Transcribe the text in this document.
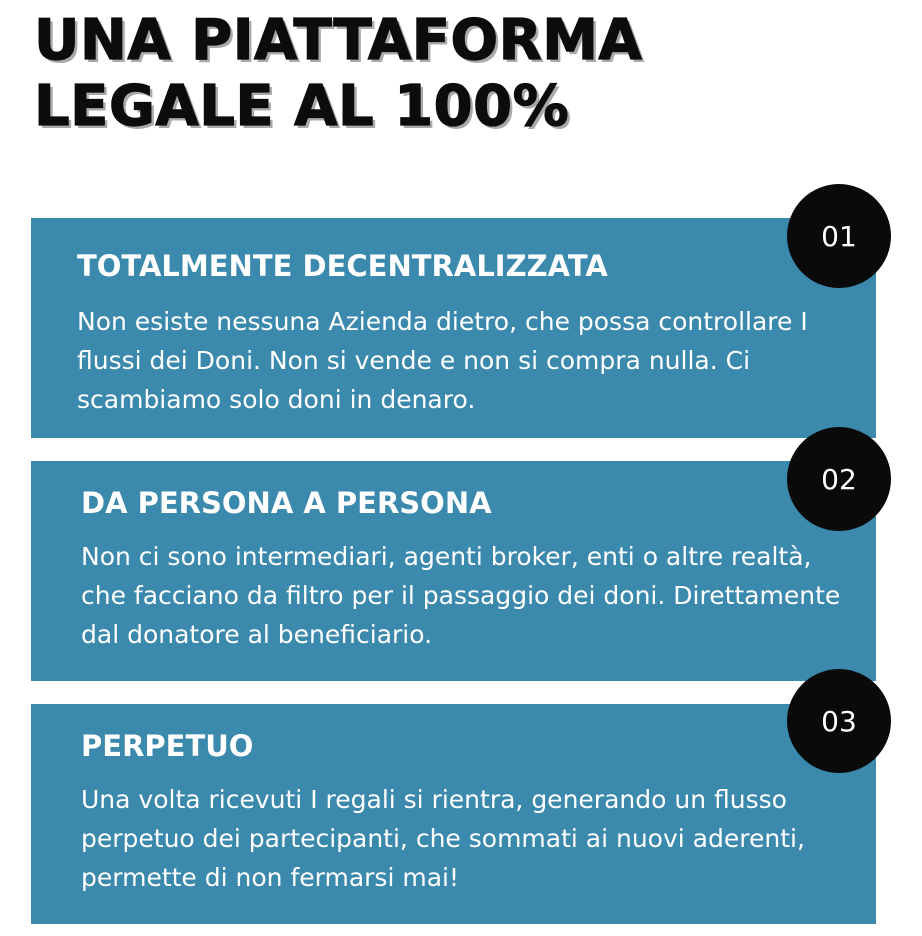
UNA PIATTAFORMA
LEGALE AL 100%
TOTALMENTE DECENTRALIZZATA

Non esiste nessuna Azienda dietro, che possa controllare I flussi dei Doni. Non si vende e non si compra nulla. Ci scambiamo solo doni in denaro.

01
DA PERSONA A PERSONA

Non ci sono intermediari, agenti broker, enti o altre realtà, che facciano da filtro per il passaggio dei doni. Direttamente dal donatore al beneficiario.

02
PERPETUO

Una volta ricevuti I regali si rientra, generando un flusso perpetuo dei partecipanti, che sommati ai nuovi aderenti, permette di non fermarsi mai!

03
